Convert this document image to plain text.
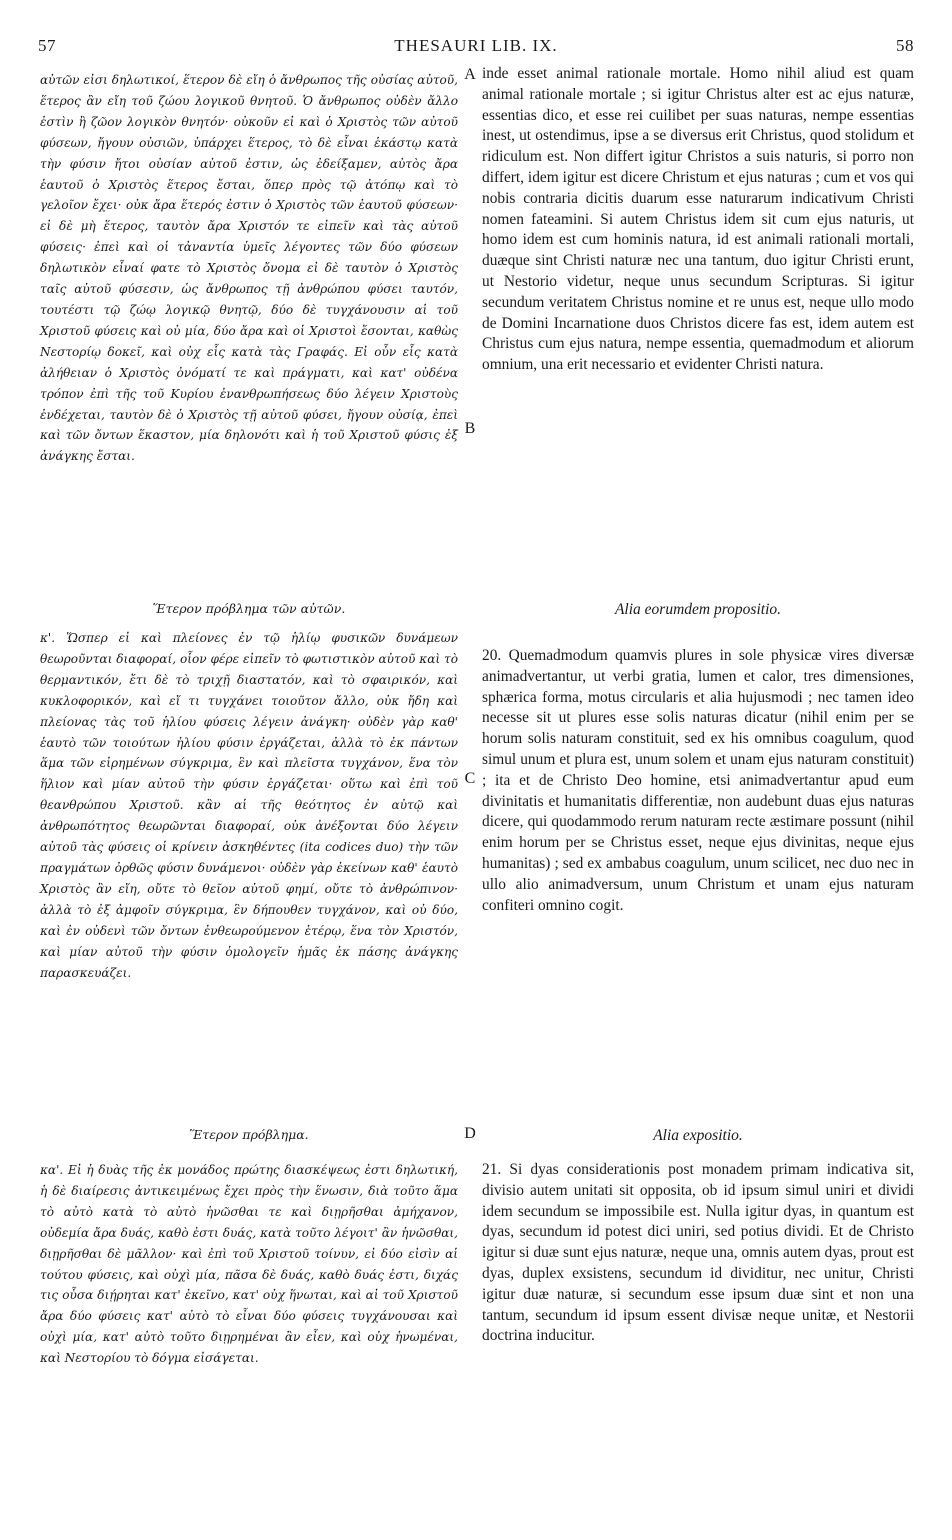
57	THESAURI LIB. IX.	58
A
B
C
D

αὐτῶν εἰσι δηλωτικοί, ἕτερον δὲ εἴη ὁ ἄνθρωπος τῆς οὐσίας αὐτοῦ, ἕτερος ἂν εἴη τοῦ ζώου λογικοῦ θνητοῦ. Ὁ ἄνθρωπος οὐδὲν ἄλλο ἐστὶν ἢ ζῶον λογικὸν θνητόν· οὐκοῦν εἰ καὶ ὁ Χριστὸς τῶν αὐτοῦ φύσεων, ἤγουν οὐσιῶν, ὑπάρχει ἕτερος, τὸ δὲ εἶναι ἑκάστῳ κατὰ τὴν φύσιν ἤτοι οὐσίαν αὐτοῦ ἐστιν, ὡς ἐδείξαμεν, αὐτὸς ἄρα ἑαυτοῦ ὁ Χριστὸς ἕτερος ἔσται, ὅπερ πρὸς τῷ ἀτόπῳ καὶ τὸ γελοῖον ἔχει· οὐκ ἄρα ἕτερός ἐστιν ὁ Χριστὸς τῶν ἑαυτοῦ φύσεων· εἰ δὲ μὴ ἕτερος, ταυτὸν ἄρα Χριστόν τε εἰπεῖν καὶ τὰς αὐτοῦ φύσεις· ἐπεὶ καὶ οἱ τἀναντία ὑμεῖς λέγοντες τῶν δύο φύσεων δηλωτικὸν εἶναί φατε τὸ Χριστὸς ὄνομα εἰ δὲ ταυτὸν ὁ Χριστὸς ταῖς αὐτοῦ φύσεσιν, ὡς ἄνθρωπος τῇ ἀνθρώπου φύσει ταυτόν, τουτέστι τῷ ζώῳ λογικῷ θνητῷ, δύο δὲ τυγχάνουσιν αἱ τοῦ Χριστοῦ φύσεις καὶ οὐ μία, δύο ἄρα καὶ οἱ Χριστοὶ ἔσονται, καθὼς Νεστορίῳ δοκεῖ, καὶ οὐχ εἷς κατὰ τὰς Γραφάς. Εἰ οὖν εἷς κατὰ ἀλήθειαν ὁ Χριστὸς ὀνόματί τε καὶ πράγματι, καὶ κατ' οὐδένα τρόπον ἐπὶ τῆς τοῦ Κυρίου ἐνανθρωπήσεως δύο λέγειν Χριστοὺς ἐνδέχεται, ταυτὸν δὲ ὁ Χριστὸς τῇ αὐτοῦ φύσει, ἤγουν οὐσίᾳ, ἐπεὶ καὶ τῶν ὄντων ἕκαστον, μία δηλονότι καὶ ἡ τοῦ Χριστοῦ φύσις ἐξ ἀνάγκης ἔσται.

inde esset animal rationale mortale. Homo nihil aliud est quam animal rationale mortale ; si igitur Christus alter est ac ejus naturæ, essentias dico, et esse rei cuilibet per suas naturas, nempe essentias inest, ut ostendimus, ipse a se diversus erit Christus, quod stolidum et ridiculum est. Non differt igitur Christos a suis naturis, si porro non differt, idem igitur est dicere Christum et ejus naturas ; cum et vos qui nobis contraria dicitis duarum esse naturarum indicativum Christi nomen fateamini. Si autem Christus idem sit cum ejus naturis, ut homo idem est cum hominis natura, id est animali rationali mortali, duæque sint Christi naturæ nec una tantum, duo igitur Christi erunt, ut Nestorio videtur, neque unus secundum Scripturas. Si igitur secundum veritatem Christus nomine et re unus est, neque ullo modo de Domini Incarnatione duos Christos dicere fas est, idem autem est Christus cum ejus natura, nempe essentia, quemadmodum et aliorum omnium, una erit necessario et evidenter Christi natura.

Ἕτερον πρόβλημα τῶν αὐτῶν.	Alia eorumdem propositio.

κ'. Ὥσπερ εἰ καὶ πλείονες ἐν τῷ ἡλίῳ φυσικῶν δυνάμεων θεωροῦνται διαφοραί, οἷον φέρε εἰπεῖν τὸ φωτιστικὸν αὐτοῦ καὶ τὸ θερμαντικόν, ἔτι δὲ τὸ τριχῇ διαστατόν, καὶ τὸ σφαιρικόν, καὶ κυκλοφορικόν, καὶ εἴ τι τυγχάνει τοιοῦτον ἄλλο, οὐκ ἤδη καὶ πλείονας τὰς τοῦ ἡλίου φύσεις λέγειν ἀνάγκη· οὐδὲν γὰρ καθ' ἑαυτὸ τῶν τοιούτων ἡλίου φύσιν ἐργάζεται, ἀλλὰ τὸ ἐκ πάντων ἅμα τῶν εἰρημένων σύγκριμα, ἓν καὶ πλεῖστα τυγχάνον, ἕνα τὸν ἥλιον καὶ μίαν αὐτοῦ τὴν φύσιν ἐργάζεται· οὕτω καὶ ἐπὶ τοῦ θεανθρώπου Χριστοῦ. κἂν αἱ τῆς θεότητος ἐν αὐτῷ καὶ ἀνθρωπότητος θεωρῶνται διαφοραί, οὐκ ἀνέξονται δύο λέγειν αὐτοῦ τὰς φύσεις οἱ κρίνειν ἀσκηθέντες (ita codices duo) τὴν τῶν πραγμάτων ὀρθῶς φύσιν δυνάμενοι· οὐδὲν γὰρ ἐκείνων καθ' ἑαυτὸ Χριστὸς ἂν εἴη, οὔτε τὸ θεῖον αὐτοῦ φημί, οὔτε τὸ ἀνθρώπινον· ἀλλὰ τὸ ἐξ ἀμφοῖν σύγκριμα, ἓν δήπουθεν τυγχάνον, καὶ οὐ δύο, καὶ ἐν οὐδενὶ τῶν ὄντων ἐνθεωρούμενον ἑτέρῳ, ἕνα τὸν Χριστόν, καὶ μίαν αὐτοῦ τὴν φύσιν ὁμολογεῖν ἡμᾶς ἐκ πάσης ἀνάγκης παρασκευάζει.

20. Quemadmodum quamvis plures in sole physicæ vires diversæ animadvertantur, ut verbi gratia, lumen et calor, tres dimensiones, sphærica forma, motus circularis et alia hujusmodi ; nec tamen ideo necesse sit ut plures esse solis naturas dicatur (nihil enim per se horum solis naturam constituit, sed ex his omnibus coagulum, quod simul unum et plura est, unum solem et unam ejus naturam constituit) ; ita et de Christo Deo homine, etsi animadvertantur apud eum divinitatis et humanitatis differentiæ, non audebunt duas ejus naturas dicere, qui quodammodo rerum naturam recte æstimare possunt (nihil enim horum per se Christus esset, neque ejus divinitas, neque ejus humanitas) ; sed ex ambabus coagulum, unum scilicet, nec duo nec in ullo alio animadversum, unum Christum et unam ejus naturam confiteri omnino cogit.

Ἕτερον πρόβλημα.	Alia expositio.

κα'. Εἰ ἡ δυὰς τῆς ἐκ μονάδος πρώτης διασκέψεως ἐστι δηλωτική, ἡ δὲ διαίρεσις ἀντικειμένως ἔχει πρὸς τὴν ἕνωσιν, διὰ τοῦτο ἅμα τὸ αὐτὸ κατὰ τὸ αὐτὸ ἡνῶσθαι τε καὶ διῃρῆσθαι ἀμήχανον, οὐδεμία ἄρα δυάς, καθὸ ἐστι δυάς, κατὰ τοῦτο λέγοιτ' ἂν ἡνῶσθαι, διῃρῆσθαι δὲ μᾶλλον· καὶ ἐπὶ τοῦ Χριστοῦ τοίνυν, εἰ δύο εἰσὶν αἱ τούτου φύσεις, καὶ οὐχὶ μία, πᾶσα δὲ δυάς, καθὸ δυάς ἐστι, διχάς τις οὖσα διῄρηται κατ' ἐκεῖνο, κατ' οὐχ ἥνωται, καὶ αἱ τοῦ Χριστοῦ ἄρα δύο φύσεις κατ' αὐτὸ τὸ εἶναι δύο φύσεις τυγχάνουσαι καὶ οὐχὶ μία, κατ' αὐτὸ τοῦτο διῃρημέναι ἂν εἶεν, καὶ οὐχ ἡνωμέναι, καὶ Νεστορίου τὸ δόγμα εἰσάγεται.

21. Si dyas considerationis post monadem primam indicativa sit, divisio autem unitati sit opposita, ob id ipsum simul uniri et dividi idem secundum se impossibile est. Nulla igitur dyas, in quantum est dyas, secundum id potest dici uniri, sed potius dividi. Et de Christo igitur si duæ sunt ejus naturæ, neque una, omnis autem dyas, prout est dyas, duplex exsistens, secundum id dividitur, nec unitur, Christi igitur duæ naturæ, si secundum esse ipsum duæ sint et non una tantum, secundum id ipsum essent divisæ neque unitæ, et Nestorii doctrina inducitur.
